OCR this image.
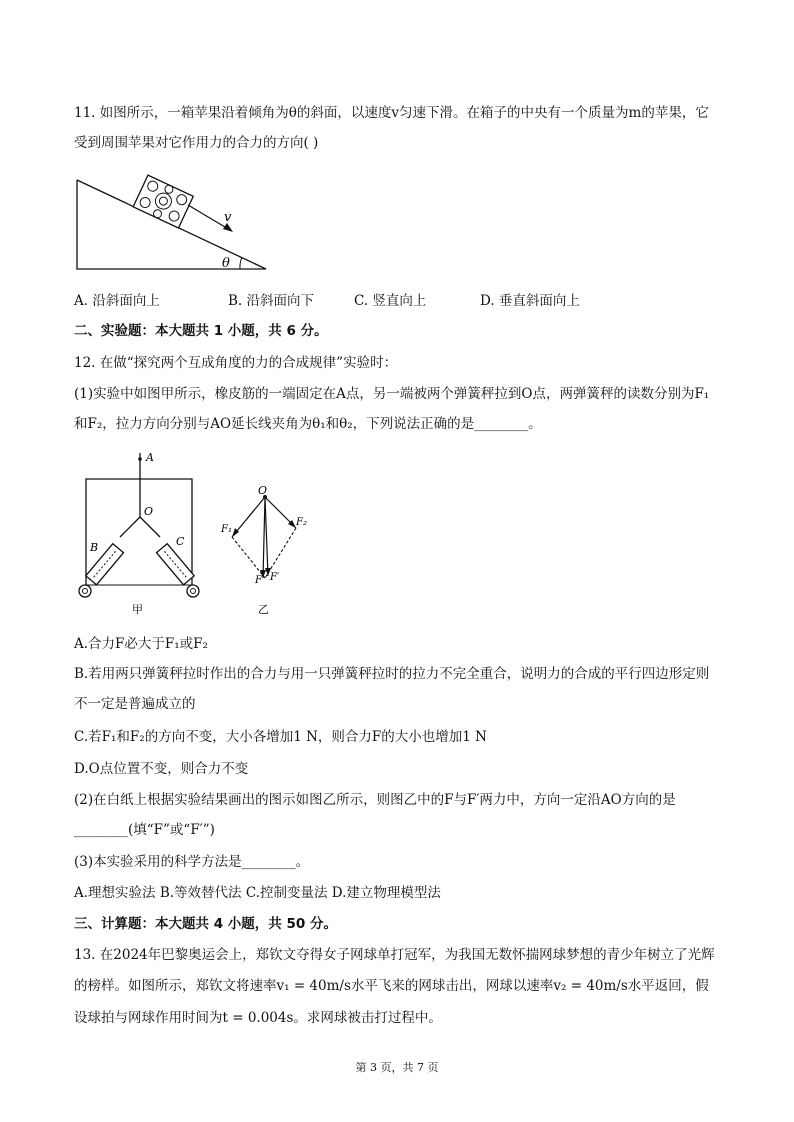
11. 如图所示，一箱苹果沿着倾角为θ的斜面，以速度v匀速下滑。在箱子的中央有一个质量为m的苹果，它
受到周围苹果对它作用力的合力的方向( )
v
θ
A. 沿斜面向上	B. 沿斜面向下	C. 竖直向上	D. 垂直斜面向上
二、实验题：本大题共 1 小题，共 6 分。
12. 在做“探究两个互成角度的力的合成规律”实验时：
(1)实验中如图甲所示，橡皮筋的一端固定在A点，另一端被两个弹簧秤拉到O点，两弹簧秤的读数分别为F₁
和F₂，拉力方向分别与AO延长线夹角为θ₁和θ₂，下列说法正确的是________。
A
O
B	C
甲
O
F₁
F₂
F F′
乙
A.合力F必大于F₁或F₂
B.若用两只弹簧秤拉时作出的合力与用一只弹簧秤拉时的拉力不完全重合，说明力的合成的平行四边形定则
不一定是普遍成立的
C.若F₁和F₂的方向不变，大小各增加1 N，则合力F的大小也增加1 N
D.O点位置不变，则合力不变
(2)在白纸上根据实验结果画出的图示如图乙所示，则图乙中的F与F′两力中，方向一定沿AO方向的是
________(填“F”或“F′”)
(3)本实验采用的科学方法是________。
A.理想实验法 B.等效替代法 C.控制变量法 D.建立物理模型法
三、计算题：本大题共 4 小题，共 50 分。
13. 在2024年巴黎奥运会上，郑钦文夺得女子网球单打冠军，为我国无数怀揣网球梦想的青少年树立了光辉
的榜样。如图所示，郑钦文将速率v₁ = 40m/s水平飞来的网球击出，网球以速率v₂ = 40m/s水平返回，假
设球拍与网球作用时间为t = 0.004s。求网球被击打过程中。
第 3 页，共 7 页
